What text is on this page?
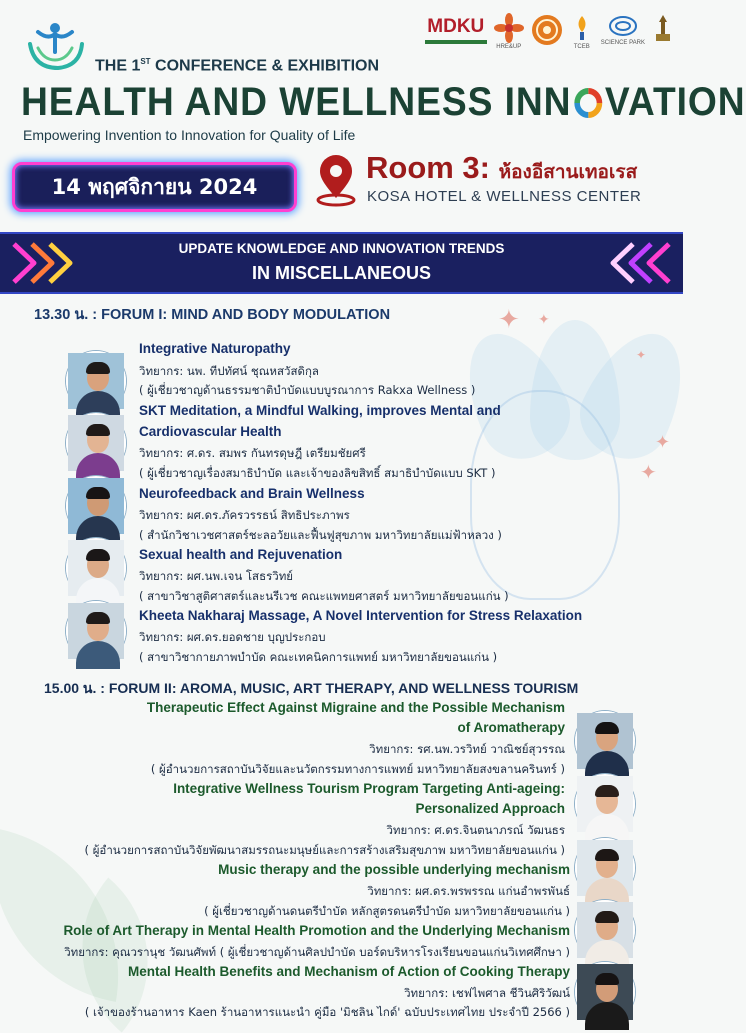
✦ ✦
✦
✦
✦
MDKU
HRE&UP	TCEB
SCIENCE PARK
THE 1ST CONFERENCE & EXHIBITION
HEALTH AND WELLNESS INN VATION
Empowering Invention to Innovation for Quality of Life
14 พฤศจิกายน 2024
Room 3: ห้องอีสานเทอเรส
KOSA HOTEL & WELLNESS CENTER
UPDATE KNOWLEDGE AND INNOVATION TRENDS
IN MISCELLANEOUS
13.30 น. : FORUM I: MIND AND BODY MODULATION
Integrative Naturopathy
วิทยากร: นพ. ทีปทัศน์ ชุณหสวัสดิกุล
( ผู้เชี่ยวชาญด้านธรรมชาติบำบัดแบบบูรณาการ Rakxa Wellness )
SKT Meditation, a Mindful Walking, improves Mental and
Cardiovascular Health
วิทยากร: ศ.ดร. สมพร กันทรดุษฎี เตรียมชัยศรี
( ผู้เชี่ยวชาญเรื่องสมาธิบำบัด และเจ้าของลิขสิทธิ์ สมาธิบำบัดแบบ SKT )
Neurofeedback and Brain Wellness
วิทยากร: ผศ.ดร.ภัครวรรธน์ สิทธิประภาพร
( สำนักวิชาเวชศาสตร์ชะลอวัยและฟื้นฟูสุขภาพ มหาวิทยาลัยแม่ฟ้าหลวง )
Sexual health and Rejuvenation
วิทยากร: ผศ.นพ.เจน โสธรวิทย์
( สาขาวิชาสูติศาสตร์และนรีเวช คณะแพทยศาสตร์ มหาวิทยาลัยขอนแก่น )
Kheeta Nakharaj Massage, A Novel Intervention for Stress Relaxation
วิทยากร: ผศ.ดร.ยอดชาย บุญประกอบ
( สาขาวิชากายภาพบำบัด คณะเทคนิคการแพทย์ มหาวิทยาลัยขอนแก่น )
15.00 น. : FORUM II: AROMA, MUSIC, ART THERAPY, AND WELLNESS TOURISM
Therapeutic Effect Against Migraine and the Possible Mechanism
of Aromatherapy
วิทยากร: รศ.นพ.วรวิทย์ วาณิชย์สุวรรณ
( ผู้อำนวยการสถาบันวิจัยและนวัตกรรมทางการแพทย์ มหาวิทยาลัยสงขลานครินทร์ )
Integrative Wellness Tourism Program Targeting Anti-ageing:
Personalized Approach
วิทยากร: ศ.ดร.จินตนาภรณ์ วัฒนธร
( ผู้อำนวยการสถาบันวิจัยพัฒนาสมรรถนะมนุษย์และการสร้างเสริมสุขภาพ มหาวิทยาลัยขอนแก่น )
Music therapy and the possible underlying mechanism
วิทยากร: ผศ.ดร.พรพรรณ แก่นอำพรพันธ์
( ผู้เชี่ยวชาญด้านดนตรีบำบัด หลักสูตรดนตรีบำบัด มหาวิทยาลัยขอนแก่น )
Role of Art Therapy in Mental Health Promotion and the Underlying Mechanism
วิทยากร: คุณวรานุช วัฒนศัพท์ ( ผู้เชี่ยวชาญด้านศิลปบำบัด บอร์ดบริหารโรงเรียนขอนแก่นวิเทศศึกษา )
Mental Health Benefits and Mechanism of Action of Cooking Therapy
วิทยากร: เชฟไพศาล ชีวินศิริวัฒน์
( เจ้าของร้านอาหาร Kaen ร้านอาหารแนะนำ คู่มือ 'มิชลิน ไกด์' ฉบับประเทศไทย ประจำปี 2566 )
